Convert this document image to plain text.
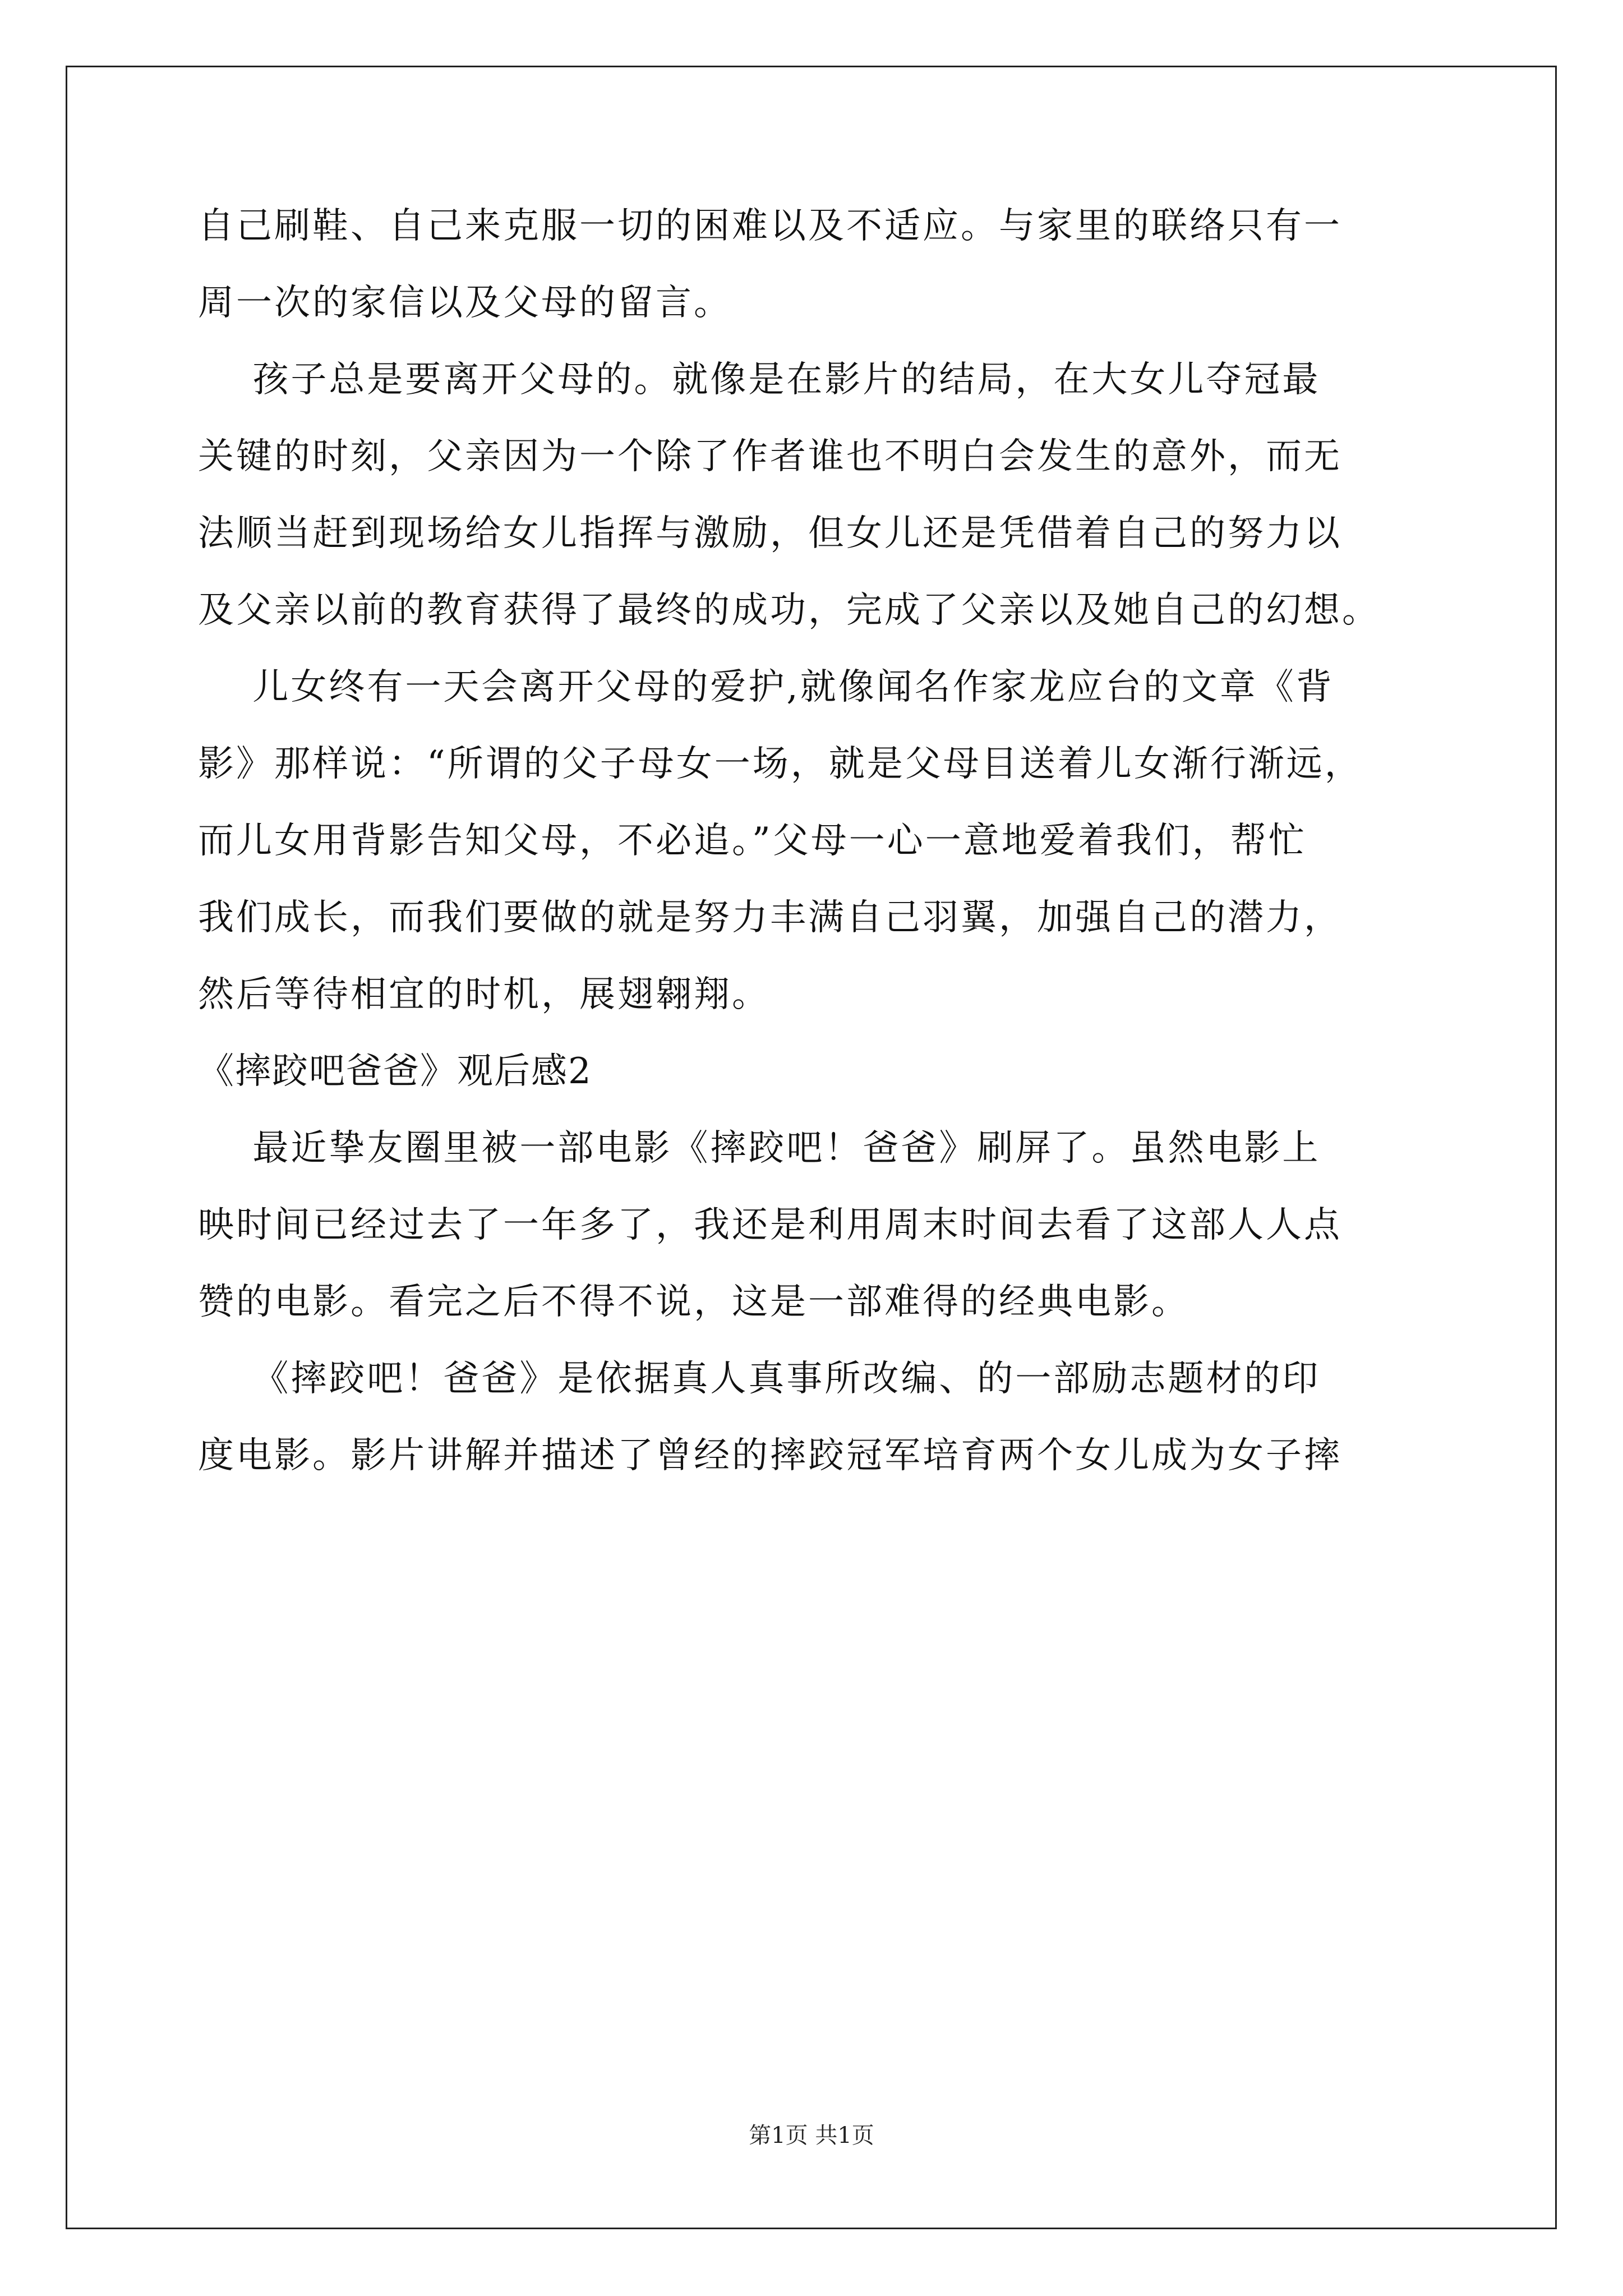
自己刷鞋、自己来克服一切的困难以及不适应。与家里的联络只有一

周一次的家信以及父母的留言。

孩子总是要离开父母的。就像是在影片的结局，在大女儿夺冠最

关键的时刻，父亲因为一个除了作者谁也不明白会发生的意外，而无

法顺当赶到现场给女儿指挥与激励，但女儿还是凭借着自己的努力以

及父亲以前的教育获得了最终的成功，完成了父亲以及她自己的幻想。

儿女终有一天会离开父母的爱护,就像闻名作家龙应台的文章《背

影》那样说：“所谓的父子母女一场，就是父母目送着儿女渐行渐远，

而儿女用背影告知父母，不必追。”父母一心一意地爱着我们，帮忙

我们成长，而我们要做的就是努力丰满自己羽翼，加强自己的潜力，

然后等待相宜的时机，展翅翱翔。

《摔跤吧爸爸》观后感2

最近挚友圈里被一部电影《摔跤吧！爸爸》刷屏了。虽然电影上

映时间已经过去了一年多了，我还是利用周末时间去看了这部人人点

赞的电影。看完之后不得不说，这是一部难得的经典电影。

《摔跤吧！爸爸》是依据真人真事所改编、的一部励志题材的印

度电影。影片讲解并描述了曾经的摔跤冠军培育两个女儿成为女子摔

第1页 共1页
